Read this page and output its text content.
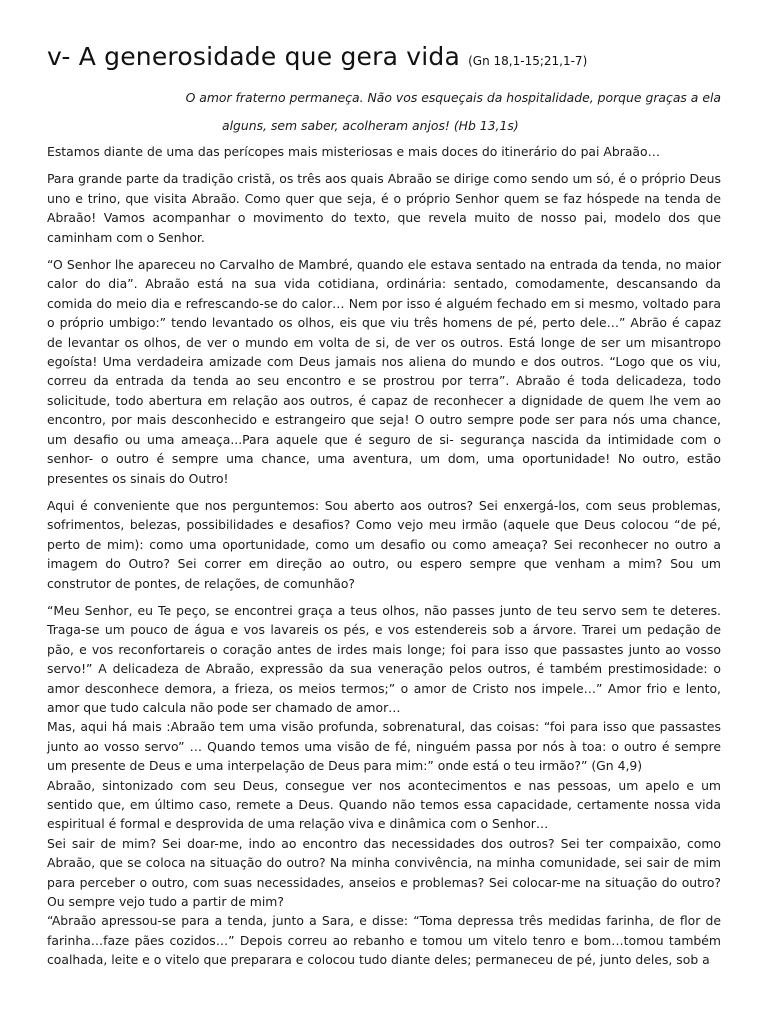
v- A generosidade que gera vida (Gn 18,1-15;21,1-7)
O amor fraterno permaneça. Não vos esqueçais da hospitalidade, porque graças a ela
alguns, sem saber, acolheram anjos! (Hb 13,1s)

Estamos diante de uma das perícopes mais misteriosas e mais doces do itinerário do pai Abraão…

Para grande parte da tradição cristã, os três aos quais Abraão se dirige como sendo um só, é o próprio Deus uno e trino, que visita Abraão. Como quer que seja, é o próprio Senhor quem se faz hóspede na tenda de Abraão! Vamos acompanhar o movimento do texto, que revela muito de nosso pai, modelo dos que caminham com o Senhor.

“O Senhor lhe apareceu no Carvalho de Mambré, quando ele estava sentado na entrada da tenda, no maior calor do dia”. Abraão está na sua vida cotidiana, ordinária: sentado, comodamente, descansando da comida do meio dia e refrescando-se do calor… Nem por isso é alguém fechado em si mesmo, voltado para o próprio umbigo:” tendo levantado os olhos, eis que viu três homens de pé, perto dele…” Abrão é capaz de levantar os olhos, de ver o mundo em volta de si, de ver os outros. Está longe de ser um misantropo egoísta! Uma verdadeira amizade com Deus jamais nos aliena do mundo e dos outros. “Logo que os viu, correu da entrada da tenda ao seu encontro e se prostrou por terra”. Abraão é toda delicadeza, todo solicitude, todo abertura em relação aos outros, é capaz de reconhecer a dignidade de quem lhe vem ao encontro, por mais desconhecido e estrangeiro que seja! O outro sempre pode ser para nós uma chance, um desafio ou uma ameaça...Para aquele que é seguro de si- segurança nascida da intimidade com o senhor- o outro é sempre uma chance, uma aventura, um dom, uma oportunidade! No outro, estão presentes os sinais do Outro!

Aqui é conveniente que nos perguntemos: Sou aberto aos outros? Sei enxergá-los, com seus problemas, sofrimentos, belezas, possibilidades e desafios? Como vejo meu irmão (aquele que Deus colocou “de pé, perto de mim): como uma oportunidade, como um desafio ou como ameaça? Sei reconhecer no outro a imagem do Outro? Sei correr em direção ao outro, ou espero sempre que venham a mim? Sou um construtor de pontes, de relações, de comunhão?

“Meu Senhor, eu Te peço, se encontrei graça a teus olhos, não passes junto de teu servo sem te deteres. Traga-se um pouco de água e vos lavareis os pés, e vos estendereis sob a árvore. Trarei um pedação de pão, e vos reconfortareis o coração antes de irdes mais longe; foi para isso que passastes junto ao vosso servo!” A delicadeza de Abraão, expressão da sua veneração pelos outros, é também prestimosidade: o amor desconhece demora, a frieza, os meios termos;” o amor de Cristo nos impele…” Amor frio e lento, amor que tudo calcula não pode ser chamado de amor…

Mas, aqui há mais :Abraão tem uma visão profunda, sobrenatural, das coisas: “foi para isso que passastes junto ao vosso servo” … Quando temos uma visão de fé, ninguém passa por nós à toa: o outro é sempre um presente de Deus e uma interpelação de Deus para mim:” onde está o teu irmão?” (Gn 4,9)

Abraão, sintonizado com seu Deus, consegue ver nos acontecimentos e nas pessoas, um apelo e um sentido que, em último caso, remete a Deus. Quando não temos essa capacidade, certamente nossa vida espiritual é formal e desprovida de uma relação viva e dinâmica com o Senhor…

Sei sair de mim? Sei doar-me, indo ao encontro das necessidades dos outros? Sei ter compaixão, como Abraão, que se coloca na situação do outro? Na minha convivência, na minha comunidade, sei sair de mim para perceber o outro, com suas necessidades, anseios e problemas? Sei colocar-me na situação do outro? Ou sempre vejo tudo a partir de mim?

“Abraão apressou-se para a tenda, junto a Sara, e disse: “Toma depressa três medidas farinha, de flor de farinha…faze pães cozidos…” Depois correu ao rebanho e tomou um vitelo tenro e bom…tomou também coalhada, leite e o vitelo que preparara e colocou tudo diante deles; permaneceu de pé, junto deles, sob a
